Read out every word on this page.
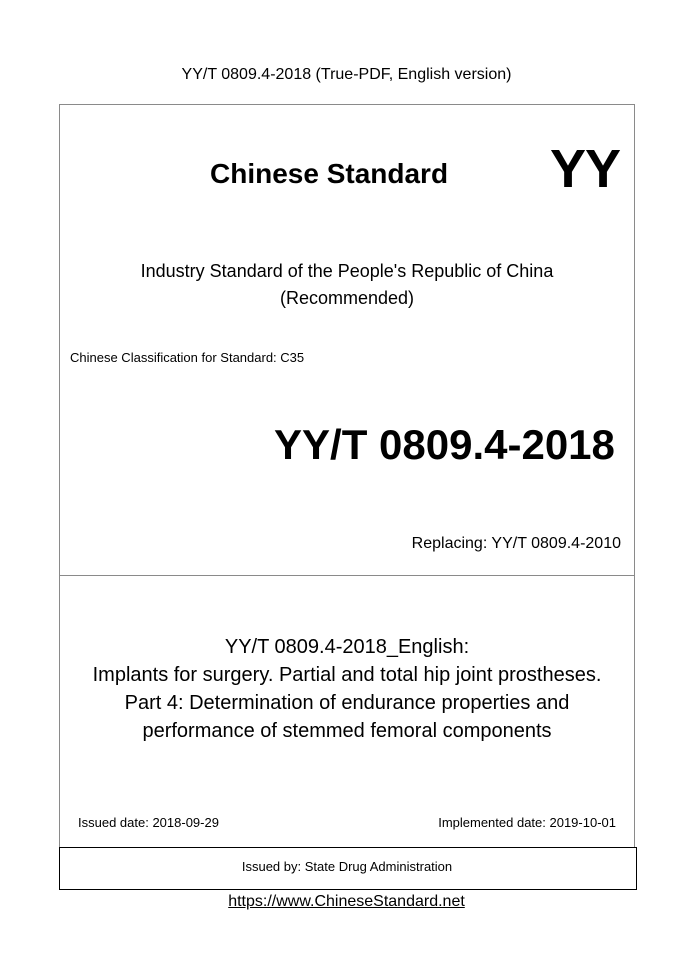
YY/T 0809.4-2018 (True-PDF, English version)
Chinese Standard YY
Industry Standard of the People's Republic of China
(Recommended)
Chinese Classification for Standard: C35
YY/T 0809.4-2018
Replacing: YY/T 0809.4-2010
YY/T 0809.4-2018_English:
Implants for surgery. Partial and total hip joint prostheses.
Part 4: Determination of endurance properties and
performance of stemmed femoral components
Issued date: 2018-09-29	Implemented date: 2019-10-01
Issued by: State Drug Administration
https://www.ChineseStandard.net
